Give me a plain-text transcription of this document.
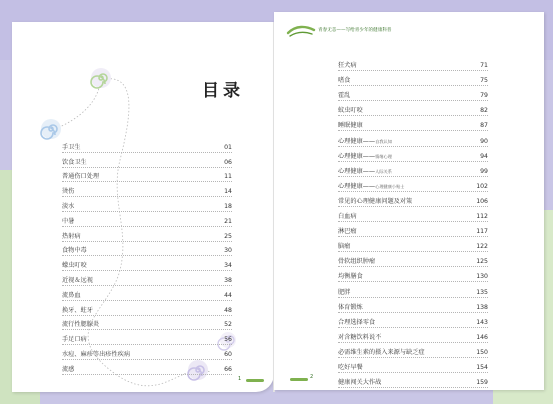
目录
手卫生	01
饮食卫生	06
普通伤口处理	11
烫伤	14
淡水	18
中暑	21
热射病	25
食物中毒	30
蠓虫叮咬	34
近视＆远视	38
流鼻血	44
换牙、蛀牙	48
流行性腮腺炎	52
手足口病	56
水痘、麻疹等出疹性疾病	60
流感	66
青春无恙——写给青少年的健康科普
狂犬病	71
嗜食	75
霍乱	79
蚊虫叮咬	82
睡眠健康	87
心理健康——自我认知	90
心理健康——情绪心理	94
心理健康——人际关系	99
心理健康——心理健康小贴士	102
常见的心理健康问题及对策	106
白血病	112
淋巴瘤	117
脑瘤	122
骨软组织肿瘤	125
均衡膳食	130
肥胖	135
体育锻炼	138
合理选择零食	143
对含糖饮料说不	146
必需维生素的摄入来源与缺乏症	150
吃好早餐	154
健康闯关大作战	159
1	2
